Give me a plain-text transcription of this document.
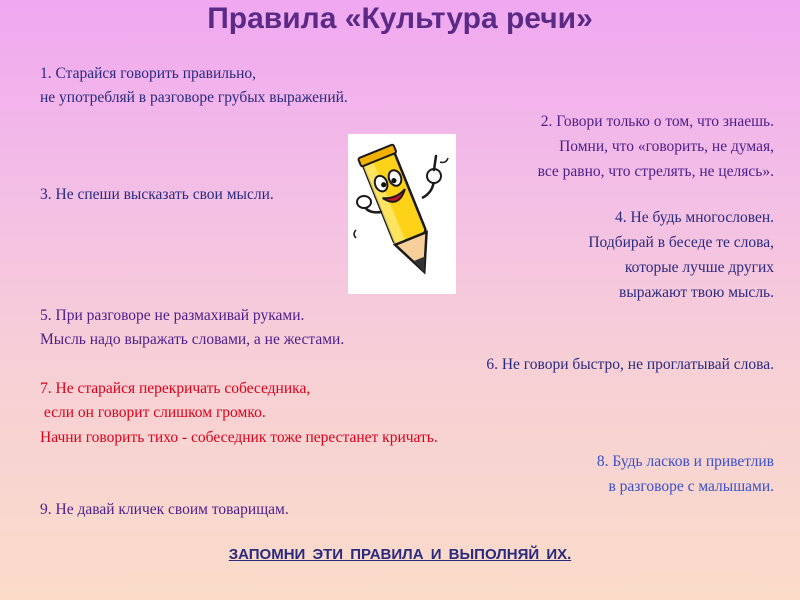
Правила «Культура речи»
1. Старайся говорить правильно,
не употребляй в разговоре грубых выражений.
2. Говори только о том, что знаешь.
Помни, что «говорить, не думая,
все равно, что стрелять, не целясь».
3. Не спеши высказать свои мысли.
4. Не будь многословен.
Подбирай в беседе те слова,
которые лучше других
выражают твою мысль.
5. При разговоре не размахивай руками.
Мысль надо выражать словами, а не жестами.
6. Не говори быстро, не проглатывай слова.
7. Не старайся перекричать собеседника,
если он говорит слишком громко.
Начни говорить тихо - собеседник тоже перестанет кричать.
8. Будь ласков и приветлив
в разговоре с малышами.
9. Не давай кличек своим товарищам.
ЗАПОМНИ ЭТИ ПРАВИЛА И ВЫПОЛНЯЙ ИХ.
